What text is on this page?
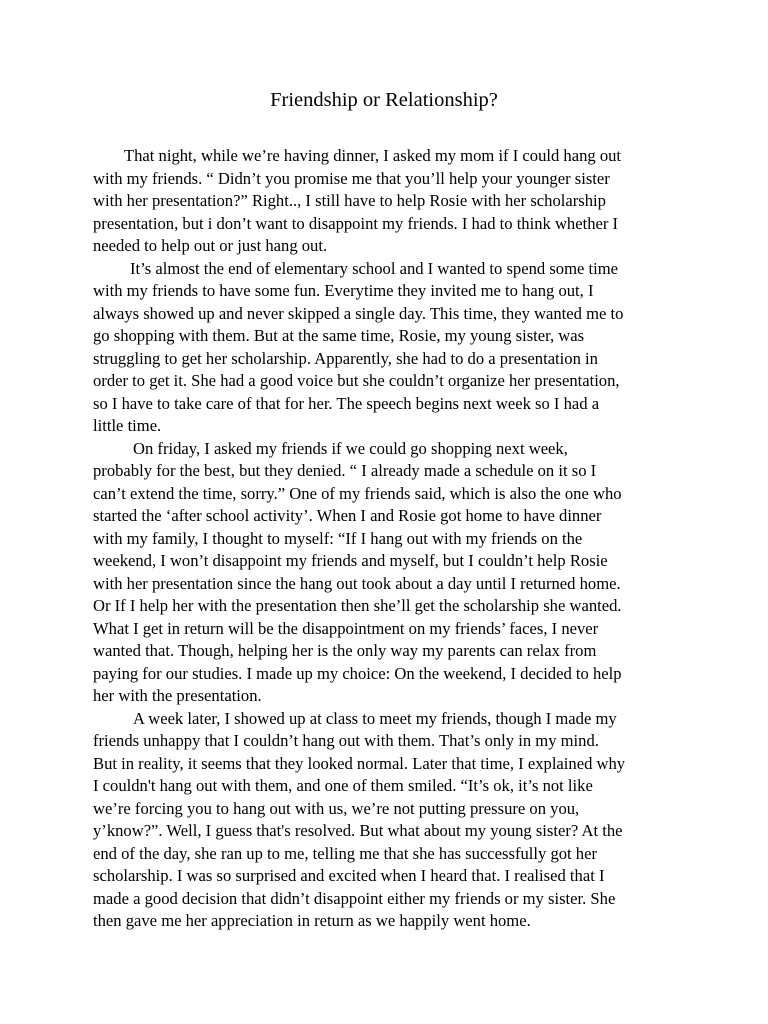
Friendship or Relationship?
That night, while we’re having dinner, I asked my mom if I could hang out
with my friends. “ Didn’t you promise me that you’ll help your younger sister
with her presentation?” Right.., I still have to help Rosie with her scholarship
presentation, but i don’t want to disappoint my friends. I had to think whether I
needed to help out or just hang out.
It’s almost the end of elementary school and I wanted to spend some time
with my friends to have some fun. Everytime they invited me to hang out, I
always showed up and never skipped a single day. This time, they wanted me to
go shopping with them. But at the same time, Rosie, my young sister, was
struggling to get her scholarship. Apparently, she had to do a presentation in
order to get it. She had a good voice but she couldn’t organize her presentation,
so I have to take care of that for her. The speech begins next week so I had a
little time.
On friday, I asked my friends if we could go shopping next week,
probably for the best, but they denied. “ I already made a schedule on it so I
can’t extend the time, sorry.” One of my friends said, which is also the one who
started the ‘after school activity’. When I and Rosie got home to have dinner
with my family, I thought to myself: “If I hang out with my friends on the
weekend, I won’t disappoint my friends and myself, but I couldn’t help Rosie
with her presentation since the hang out took about a day until I returned home.
Or If I help her with the presentation then she’ll get the scholarship she wanted.
What I get in return will be the disappointment on my friends’ faces, I never
wanted that. Though, helping her is the only way my parents can relax from
paying for our studies. I made up my choice: On the weekend, I decided to help
her with the presentation.
A week later, I showed up at class to meet my friends, though I made my
friends unhappy that I couldn’t hang out with them. That’s only in my mind.
But in reality, it seems that they looked normal. Later that time, I explained why
I couldn't hang out with them, and one of them smiled. “It’s ok, it’s not like
we’re forcing you to hang out with us, we’re not putting pressure on you,
y’know?”. Well, I guess that's resolved. But what about my young sister? At the
end of the day, she ran up to me, telling me that she has successfully got her
scholarship. I was so surprised and excited when I heard that. I realised that I
made a good decision that didn’t disappoint either my friends or my sister. She
then gave me her appreciation in return as we happily went home.
